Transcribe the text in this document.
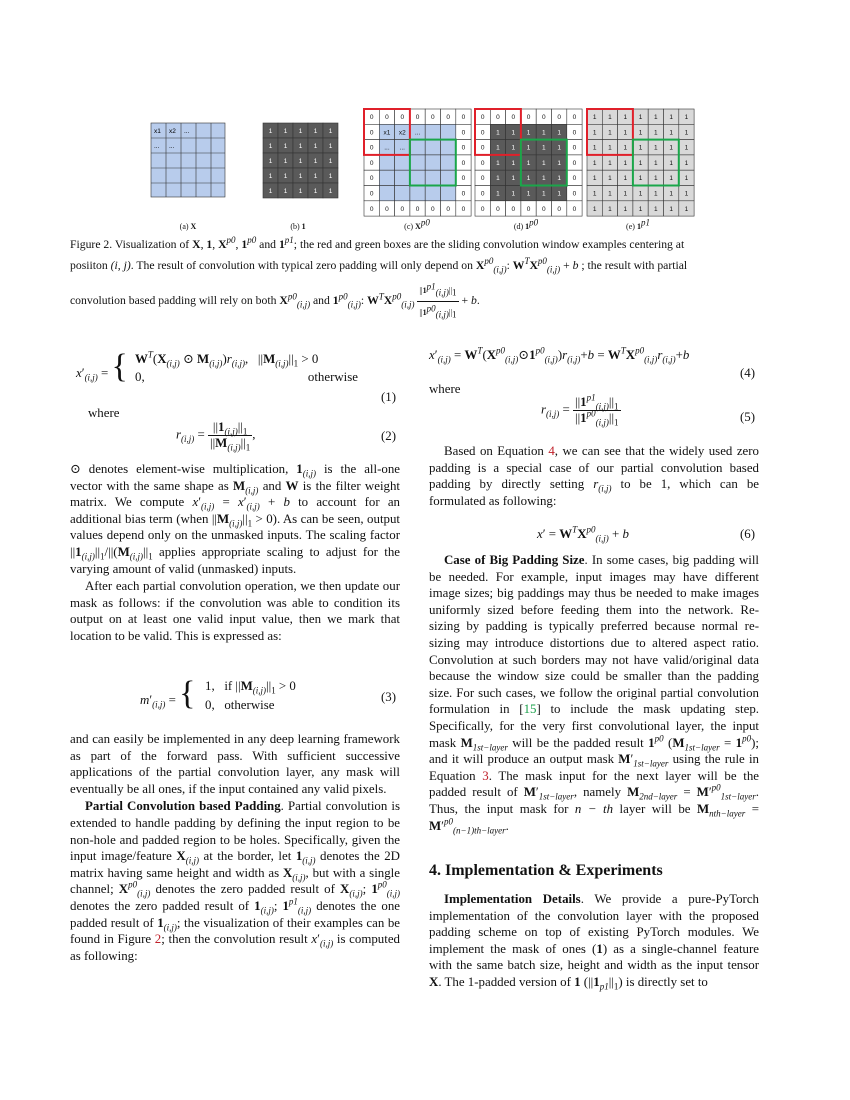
x1 x2 ...
... ...
1 1 1 1 1
1 1 1 1 1
1 1 1 1 1
1 1 1 1 1
1 1 1 1 1
0 0 0 0 0 0 0
0 x1 x2 ...	0
0 ... ...	0
0	0
0	0
0	0
0 0 0 0 0 0 0
0 0 0 0 0 0 0
0 1 1 1 1 1 0
0 1 1 1 1 1 0
0 1 1 1 1 1 0
0 1 1 1 1 1 0
0 1 1 1 1 1 0
0 0 0 0 0 0 0
1 1 1 1 1 1 1
1 1 1 1 1 1 1
1 1 1 1 1 1 1
1 1 1 1 1 1 1
1 1 1 1 1 1 1
1 1 1 1 1 1 1
1 1 1 1 1 1 1
(a) X	(b) 1	(c) $X^{p0}$	(d) $1^{p0}$	(e) $1^{p1}$
Figure 2. Visualization of X, 1, $X^{p0}$, $1^{p0}$ and $1^{p1}$; the red and green boxes are the sliding convolution window examples centering at
posiiton (i, j). The result of convolution with typical zero padding will only depend on $X^{p0}_{(i,j)}$: $W^TX^{p0}_{(i,j)} + b$ ; the result with partial
convolution based padding will rely on both $X^{p0}_{(i,j)}$ and $1^{p0}_{(i,j)}$: $W^TX^{p0}_{(i,j)} \frac{||1^{p1}_{(i,j)}||_1}{||1^{p0}_{(i,j)}||_1} + b$.
$x'_{(i,j)}$ = { $W^T(X_{(i,j)}$ ⊙ $M_{(i,j)})r_{(i,j)}$,   $||M_{(i,j)}||_1 > 0$
0,	otherwise
(1)
where
$r_{(i,j)} = \frac{||1_{(i,j)}||_1}{||M_{(i,j)}||_1}$ ,	(2)

⊙ denotes element-wise multiplication, $1_{(i,j)}$ is the all-one vector with the same shape as $M_{(i,j)}$ and W is the filter weight matrix. We compute $x'_{(i,j)} = x'_{(i,j)} + b$ to account for an additional bias term (when $||M_{(i,j)}||_1 > 0$). As can be seen, output values depend only on the unmasked inputs. The scaling factor $||1_{(i,j)}||_1/||(M_{(i,j)}||_1$ applies appropriate scaling to adjust for the varying amount of valid (unmasked) inputs.

After each partial convolution operation, we then update our mask as follows: if the convolution was able to condition its output on at least one valid input value, then we mark that location to be valid. This is expressed as:

$m'_{(i,j)}$ = { 1,   if $||M_{(i,j)}||_1 > 0$
0,   otherwise
(3)

and can easily be implemented in any deep learning framework as part of the forward pass. With sufficient successive applications of the partial convolution layer, any mask will eventually be all ones, if the input contained any valid pixels.

Partial Convolution based Padding. Partial convolution is extended to handle padding by defining the input region to be non-hole and padded region to be holes. Specifically, given the input image/feature $X_{(i,j)}$ at the border, let $1_{(i,j)}$ denotes the 2D matrix having same height and width as $X_{(i,j)}$, but with a single channel; $X^{p0}_{(i,j)}$ denotes the zero padded result of $X_{(i,j)}$; $1^{p0}_{(i,j)}$ denotes the zero padded result of $1_{(i,j)}$; $1^{p1}_{(i,j)}$ denotes the one padded result of $1_{(i,j)}$; the visualization of their examples can be found in Figure 2; then the convolution result $x'_{(i,j)}$ is computed as following:

$x'_{(i,j)}$ = $W^T(X^{p0}_{(i,j)}⊙1^{p0}_{(i,j)})r_{(i,j)}+b = W^TX^{p0}_{(i,j)}r_{(i,j)}+b$
(4)
where
$r_{(i,j)} = \frac{||1^{p1}_{(i,j)}||_1}{||1^{p0}_{(i,j)}||_1}$	(5)

Based on Equation 4, we can see that the widely used zero padding is a special case of our partial convolution based padding by directly setting $r_{(i,j)}$ to be 1, which can be formulated as following:

$x' = W^TX^{p0}_{(i,j)} + b$	(6)

Case of Big Padding Size. In some cases, big padding will be needed. For example, input images may have different image sizes; big paddings may thus be needed to make images uniformly sized before feeding them into the network. Re-sizing by padding is typically preferred because normal re-sizing may introduce distortions due to altered aspect ratio. Convolution at such borders may not have valid/original data because the window size could be smaller than the padding size. For such cases, we follow the original partial convolution formulation in [15] to include the mask updating step. Specifically, for the very first convolutional layer, the input mask $M_{1st-layer}$ will be the padded result $1^{p0}$ $(M_{1st-layer} = 1^{p0})$; and it will produce an output mask $M'_{1st-layer}$ using the rule in Equation 3. The mask input for the next layer will be the padded result of $M'_{1st-layer}$, namely $M_{2nd-layer} = M'^{p0}_{1st-layer}$. Thus, the input mask for n − th layer will be $M_{nth-layer} = M'^{p0}_{(n-1)th-layer}$.

4. Implementation & Experiments

Implementation Details. We provide a pure-PyTorch implementation of the convolution layer with the proposed padding scheme on top of existing PyTorch modules. We implement the mask of ones (1) as a single-channel feature with the same batch size, height and width as the input tensor X. The 1-padded version of 1 $(||1_{p1}||_1)$ is directly set to
